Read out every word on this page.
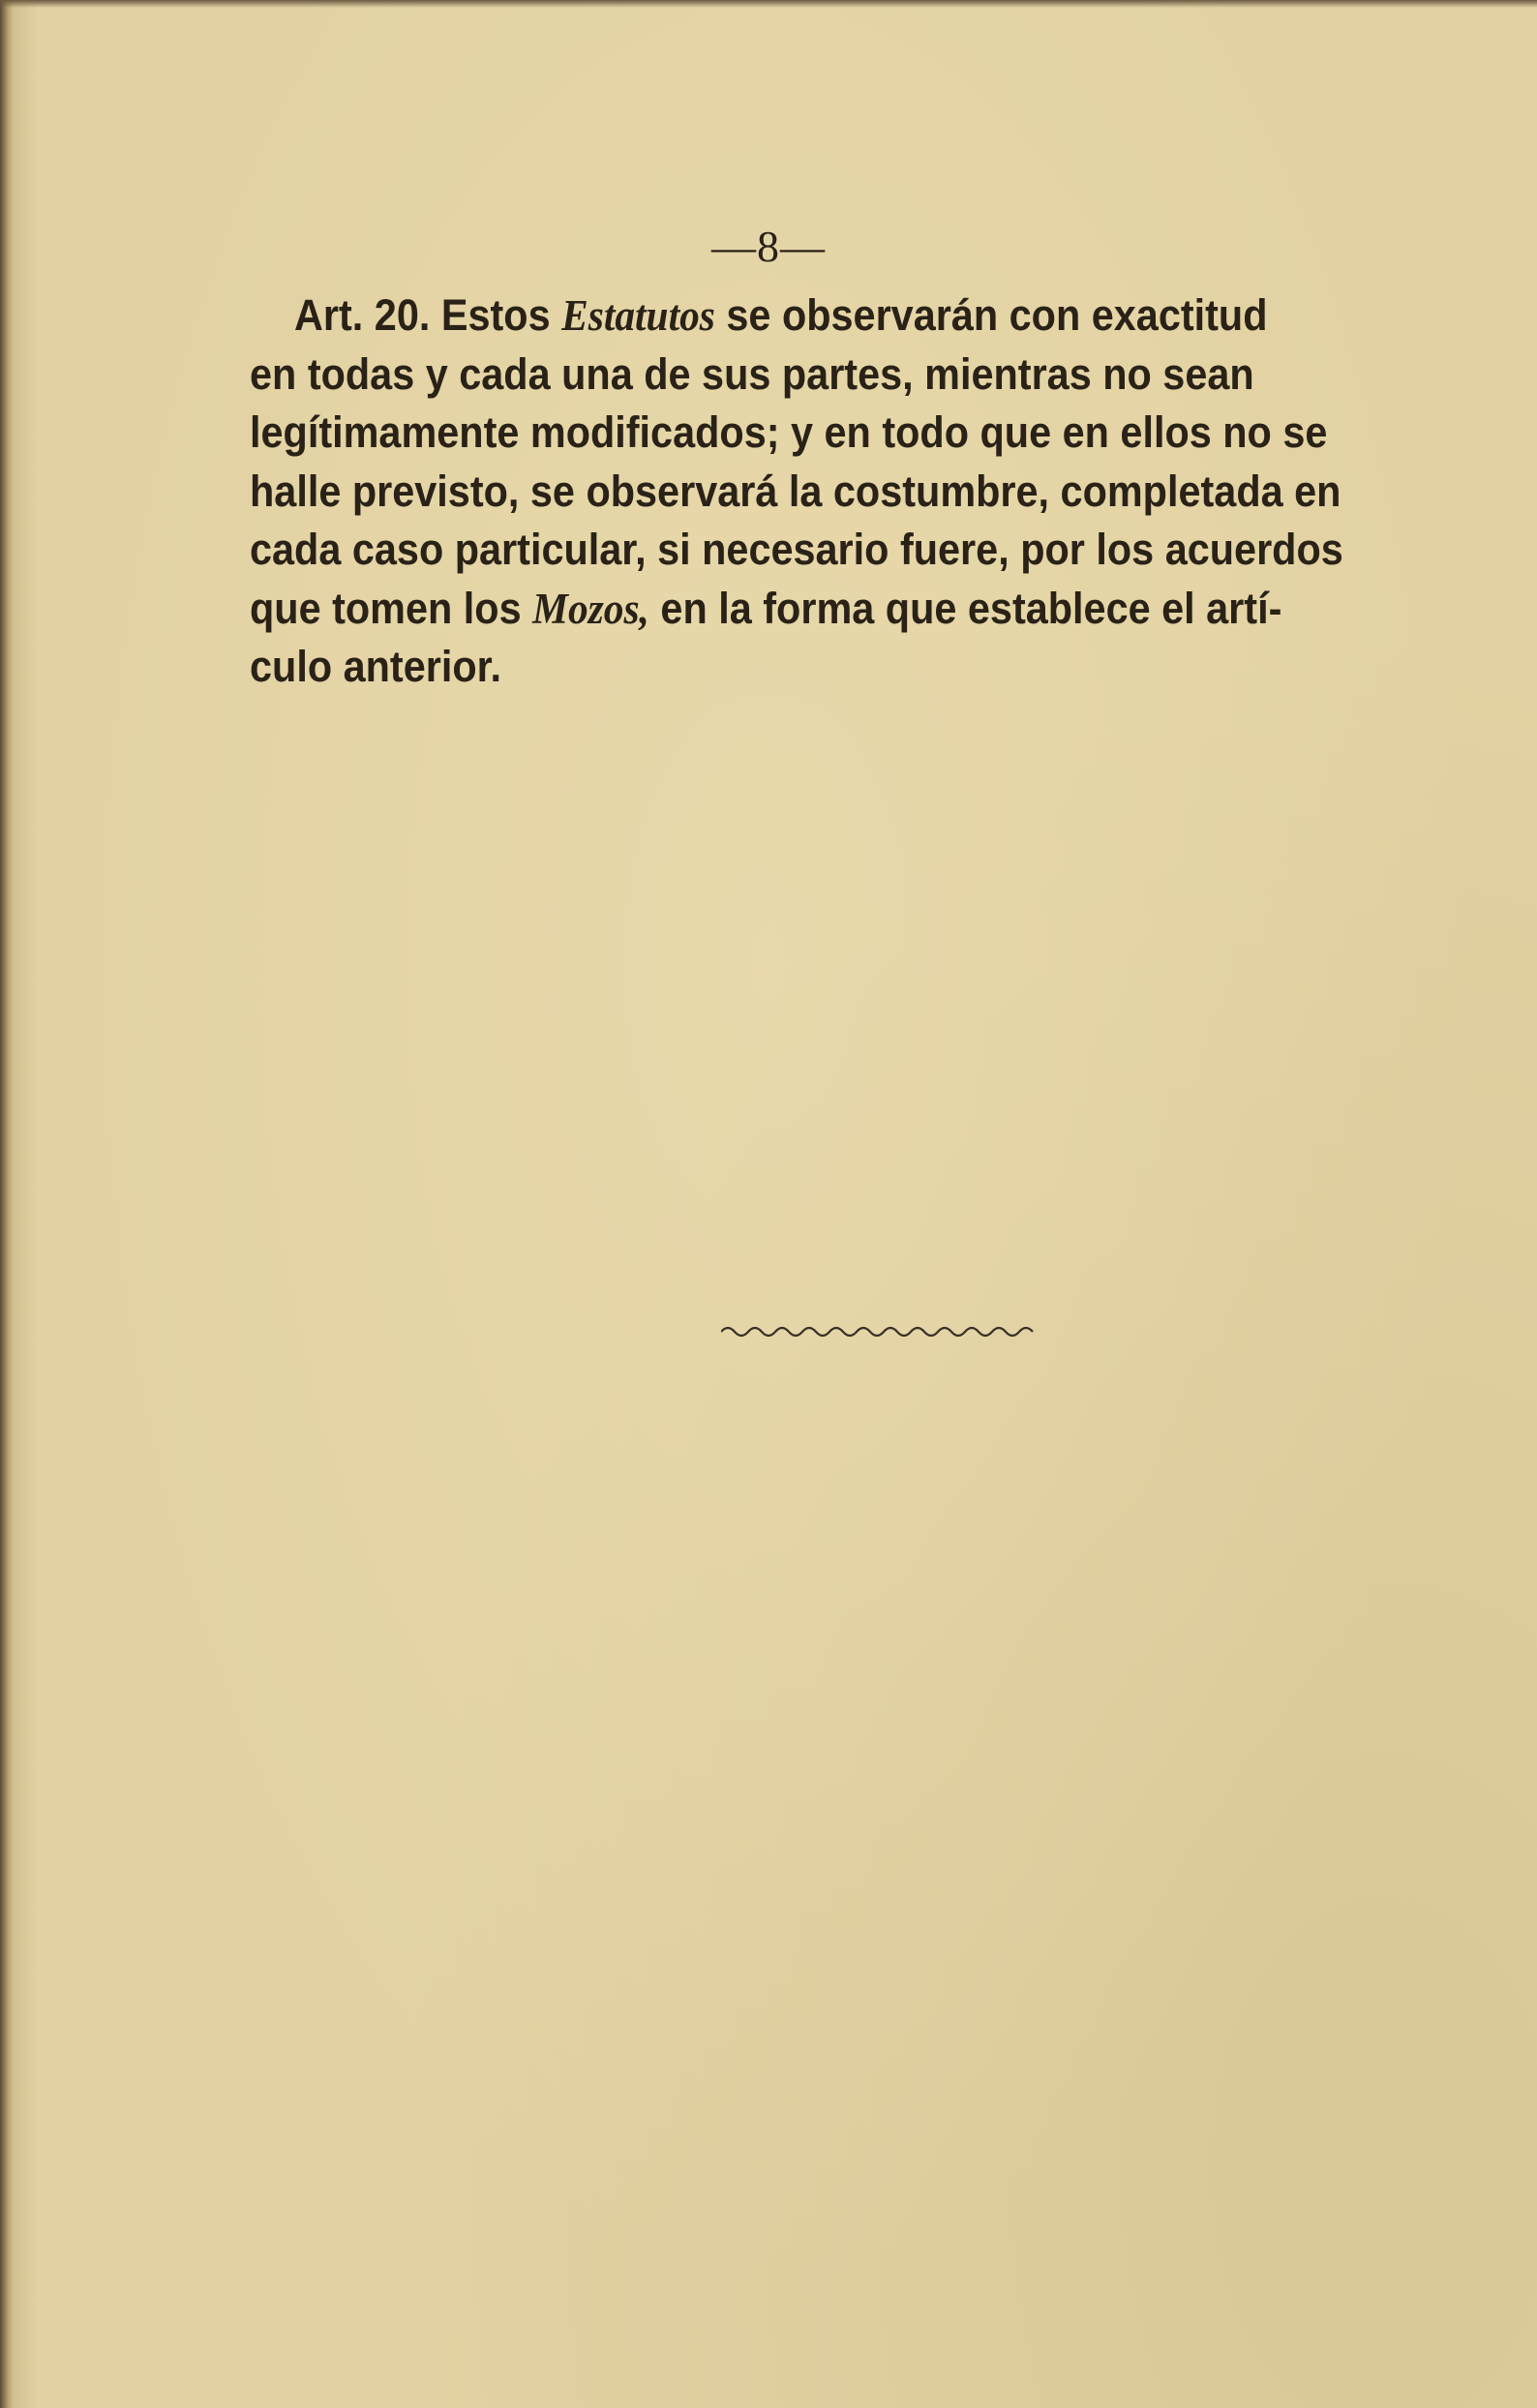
—8—

Art. 20. Estos Estatutos se observarán con exactitud
en todas y cada una de sus partes, mientras no sean
legítimamente modificados; y en todo que en ellos no se
halle previsto, se observará la costumbre, completada en
cada caso particular, si necesario fuere, por los acuerdos
que tomen los Mozos, en la forma que establece el artí-
culo anterior.
